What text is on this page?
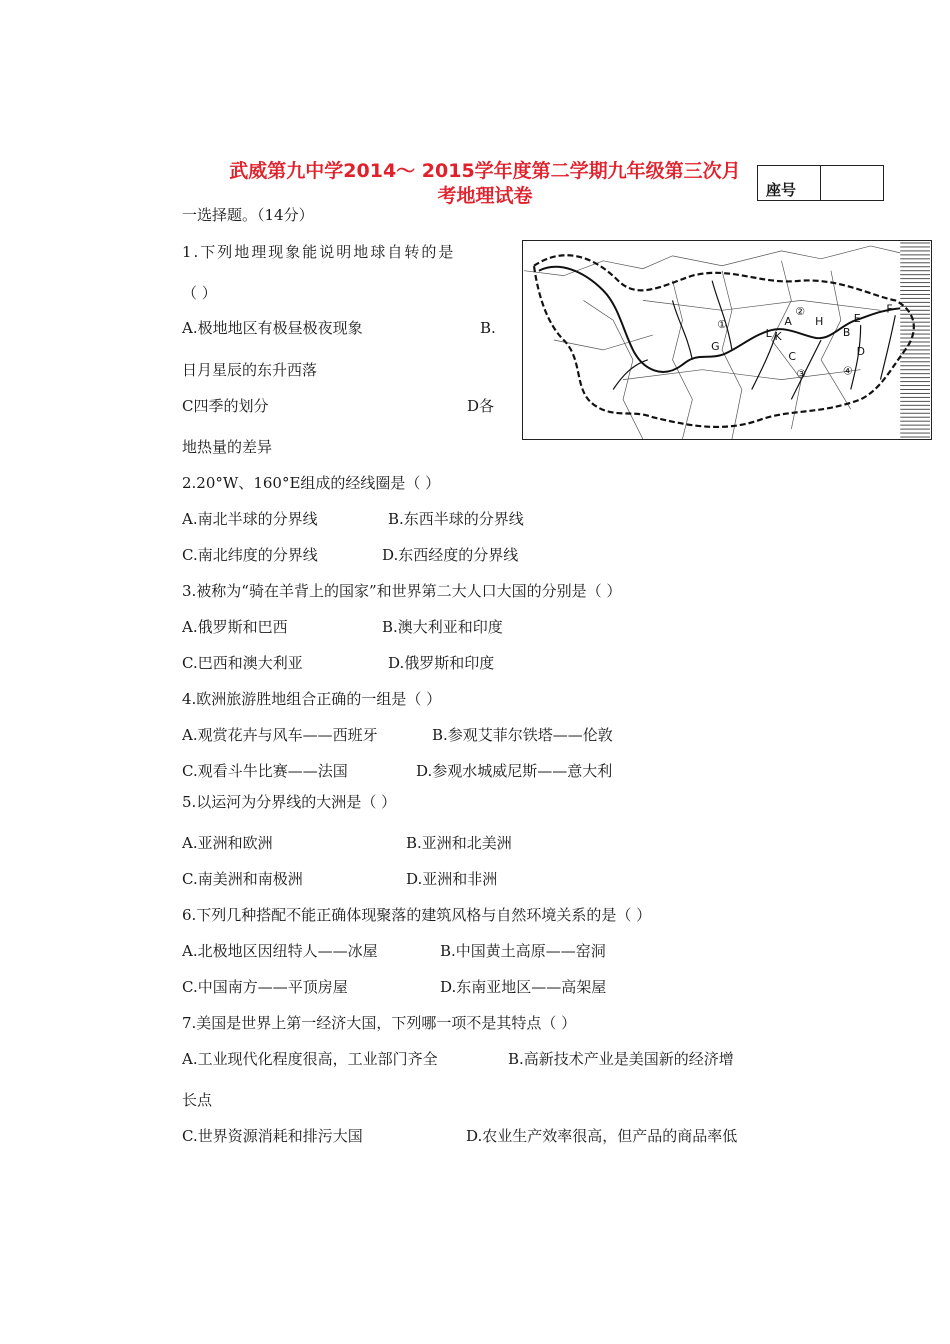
武威第九中学2014～ 2015学年度第二学期九年级第三次月
考地理试卷	座号
一选择题。（14分）
①
②
③	④
A
B
C	D
E
F
G
H
L K
1.下列地理现象能说明地球自转的是
（ ）
A.极地地区有极昼极夜现象	B.
日月星辰的东升西落
C四季的划分	D各
地热量的差异
2.20°W、160°E组成的经线圈是（ ）
A.南北半球的分界线	B.东西半球的分界线
C.南北纬度的分界线	D.东西经度的分界线
3.被称为“骑在羊背上的国家”和世界第二大人口大国的分别是（ ）
A.俄罗斯和巴西	B.澳大利亚和印度
C.巴西和澳大利亚	D.俄罗斯和印度
4.欧洲旅游胜地组合正确的一组是（ ）
A.观赏花卉与风车——西班牙	B.参观艾菲尔铁塔——伦敦
C.观看斗牛比赛——法国	D.参观水城威尼斯——意大利
5.以运河为分界线的大洲是（ ）
A.亚洲和欧洲	B.亚洲和北美洲
C.南美洲和南极洲	D.亚洲和非洲
6.下列几种搭配不能正确体现聚落的建筑风格与自然环境关系的是（ ）
A.北极地区因纽特人——冰屋	B.中国黄土高原——窑洞
C.中国南方——平顶房屋	D.东南亚地区——高架屋
7.美国是世界上第一经济大国，下列哪一项不是其特点（ ）
A.工业现代化程度很高，工业部门齐全	B.高新技术产业是美国新的经济增
长点
C.世界资源消耗和排污大国	D.农业生产效率很高，但产品的商品率低
